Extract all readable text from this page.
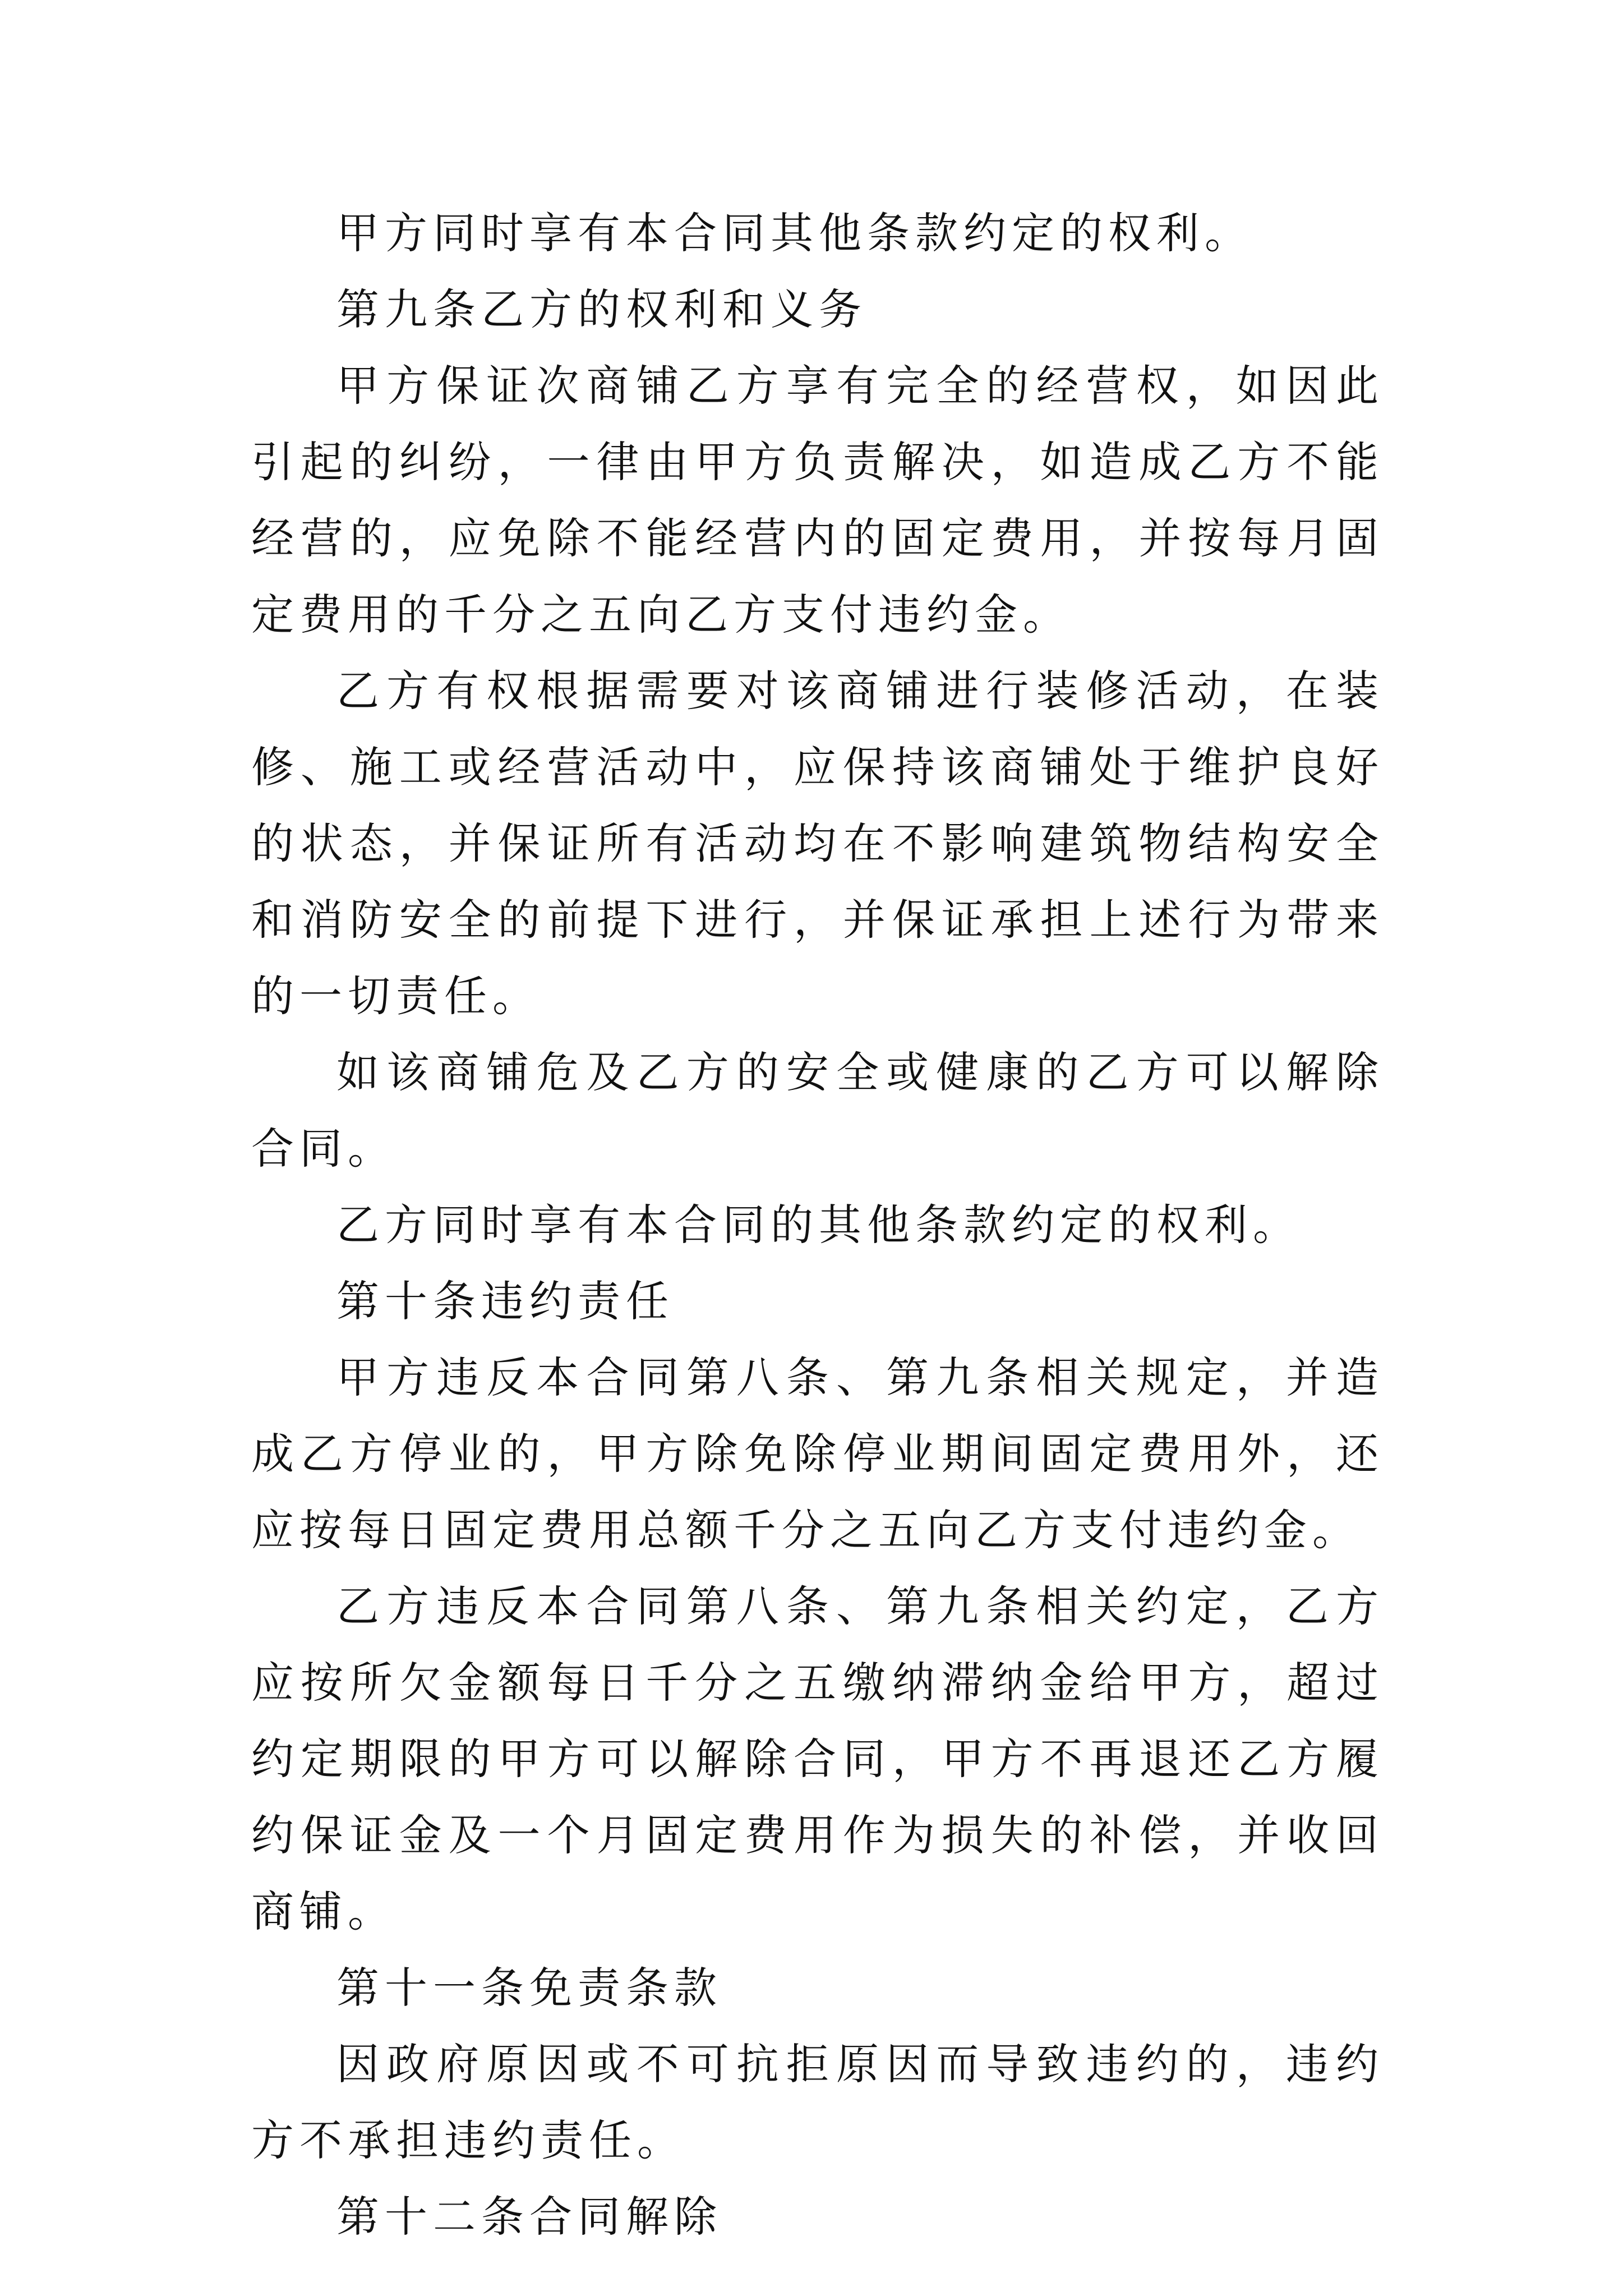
甲方同时享有本合同其他条款约定的权利。

第九条乙方的权利和义务

甲方保证次商铺乙方享有完全的经营权，如因此引起的纠纷，一律由甲方负责解决，如造成乙方不能经营的，应免除不能经营内的固定费用，并按每月固定费用的千分之五向乙方支付违约金。

乙方有权根据需要对该商铺进行装修活动，在装修、施工或经营活动中，应保持该商铺处于维护良好的状态，并保证所有活动均在不影响建筑物结构安全和消防安全的前提下进行，并保证承担上述行为带来的一切责任。

如该商铺危及乙方的安全或健康的乙方可以解除合同。

乙方同时享有本合同的其他条款约定的权利。

第十条违约责任

甲方违反本合同第八条、第九条相关规定，并造成乙方停业的，甲方除免除停业期间固定费用外，还应按每日固定费用总额千分之五向乙方支付违约金。

乙方违反本合同第八条、第九条相关约定，乙方应按所欠金额每日千分之五缴纳滞纳金给甲方，超过约定期限的甲方可以解除合同，甲方不再退还乙方履约保证金及一个月固定费用作为损失的补偿，并收回商铺。

第十一条免责条款

因政府原因或不可抗拒原因而导致违约的，违约方不承担违约责任。

第十二条合同解除
